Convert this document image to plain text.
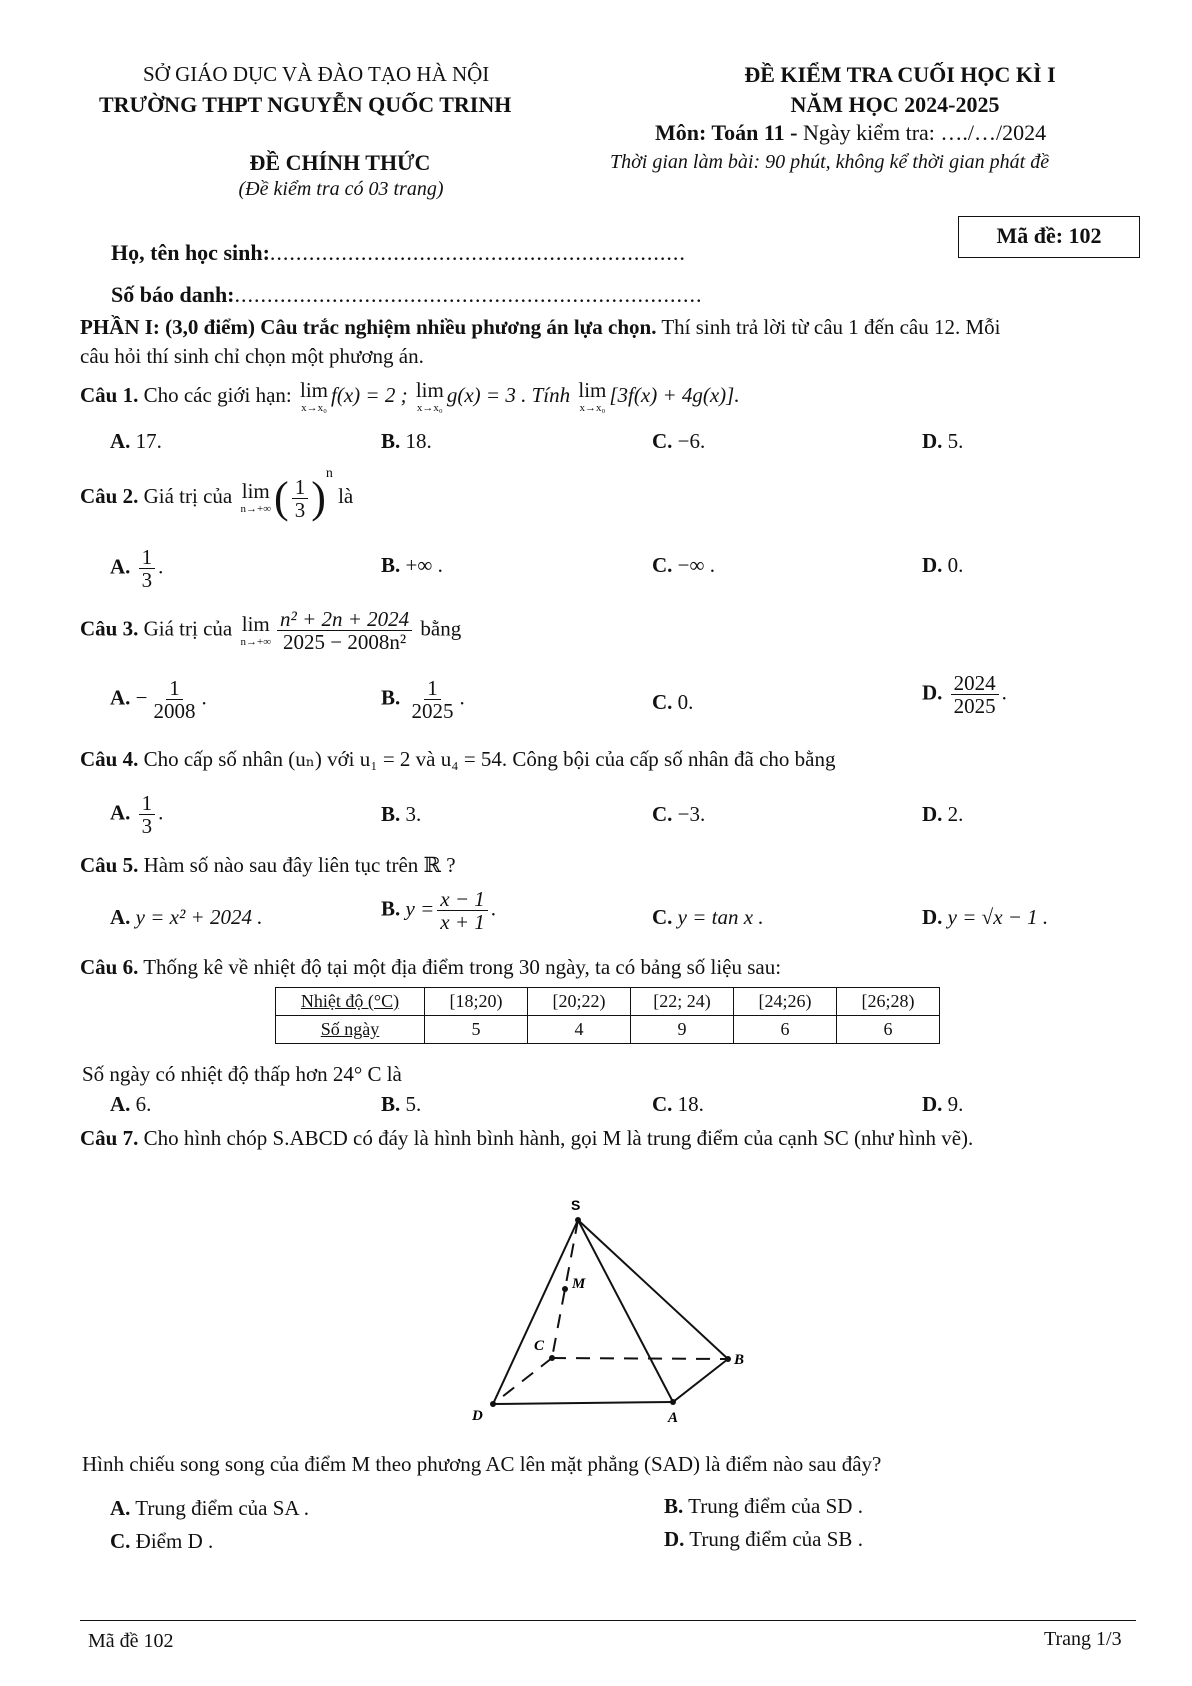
SỞ GIÁO DỤC VÀ ĐÀO TẠO HÀ NỘI
TRƯỜNG THPT NGUYỄN QUỐC TRINH
ĐỀ CHÍNH THỨC
(Đề kiểm tra có 03 trang)
ĐỀ KIỂM TRA CUỐI HỌC KÌ I
NĂM HỌC 2024-2025
Môn: Toán 11 - Ngày kiểm tra: …./…/2024
Thời gian làm bài: 90 phút, không kể thời gian phát đề
Mã đề: 102
Họ, tên học sinh:................................................................
Số báo danh:........................................................................
PHẦN I: (3,0 điểm) Câu trắc nghiệm nhiều phương án lựa chọn. Thí sinh trả lời từ câu 1 đến câu 12. Mỗi
câu hỏi thí sinh chỉ chọn một phương án.
Câu 1. Cho các giới hạn: lim
x→x₀
f(x) = 2 ; lim
x→x₀
g(x) = 3 . Tính lim
x→x₀
[3f(x) + 4g(x)].
A. 17.	B. 18.	C. −6.	D. 5.
Câu 2. Giá trị của lim
n→+∞ ( $\frac{1}{3} )^n$ là
A. $\frac{1}{3}$ .	B. +∞ .	C. −∞ .	D. 0.
Câu 3. Giá trị của lim
$n\to+\infty \frac{\text{n² + 2n + 2024}}{\text{2025 − 2008n²}}$ bằng
A. − $\frac{1}{2008}$ .	B. $\frac{1}{2025}$ .	C. 0.	D. $\frac{2024}{2025}$ .
Câu 4. Cho cấp số nhân (uₙ) với u₁ = 2 và u₄ = 54. Công bội của cấp số nhân đã cho bằng
A. $\frac{1}{3}$ .	B. 3.	C. −3.	D. 2.
Câu 5. Hàm số nào sau đây liên tục trên ℝ ?
A. y = x² + 2024 .	B. $y = \frac{x - 1}{x + 1}$ .	C. y = tan x .	D. y = √x − 1 .
Câu 6. Thống kê về nhiệt độ tại một địa điểm trong 30 ngày, ta có bảng số liệu sau:
Nhiệt độ (°C)	[18;20)	[20;22)	[22; 24)	[24;26)	[26;28)
Số ngày	5	4	9	6	6
Số ngày có nhiệt độ thấp hơn 24° C là
A. 6.	B. 5.	C. 18.	D. 9.
Câu 7. Cho hình chóp S.ABCD có đáy là hình bình hành, gọi M là trung điểm của cạnh SC (như hình vẽ).
S
M
C
B
D	A
Hình chiếu song song của điểm M theo phương AC lên mặt phẳng (SAD) là điểm nào sau đây?
A. Trung điểm của SA .	B. Trung điểm của SD .
C. Điểm D .	D. Trung điểm của SB .
Mã đề 102	Trang 1/3
